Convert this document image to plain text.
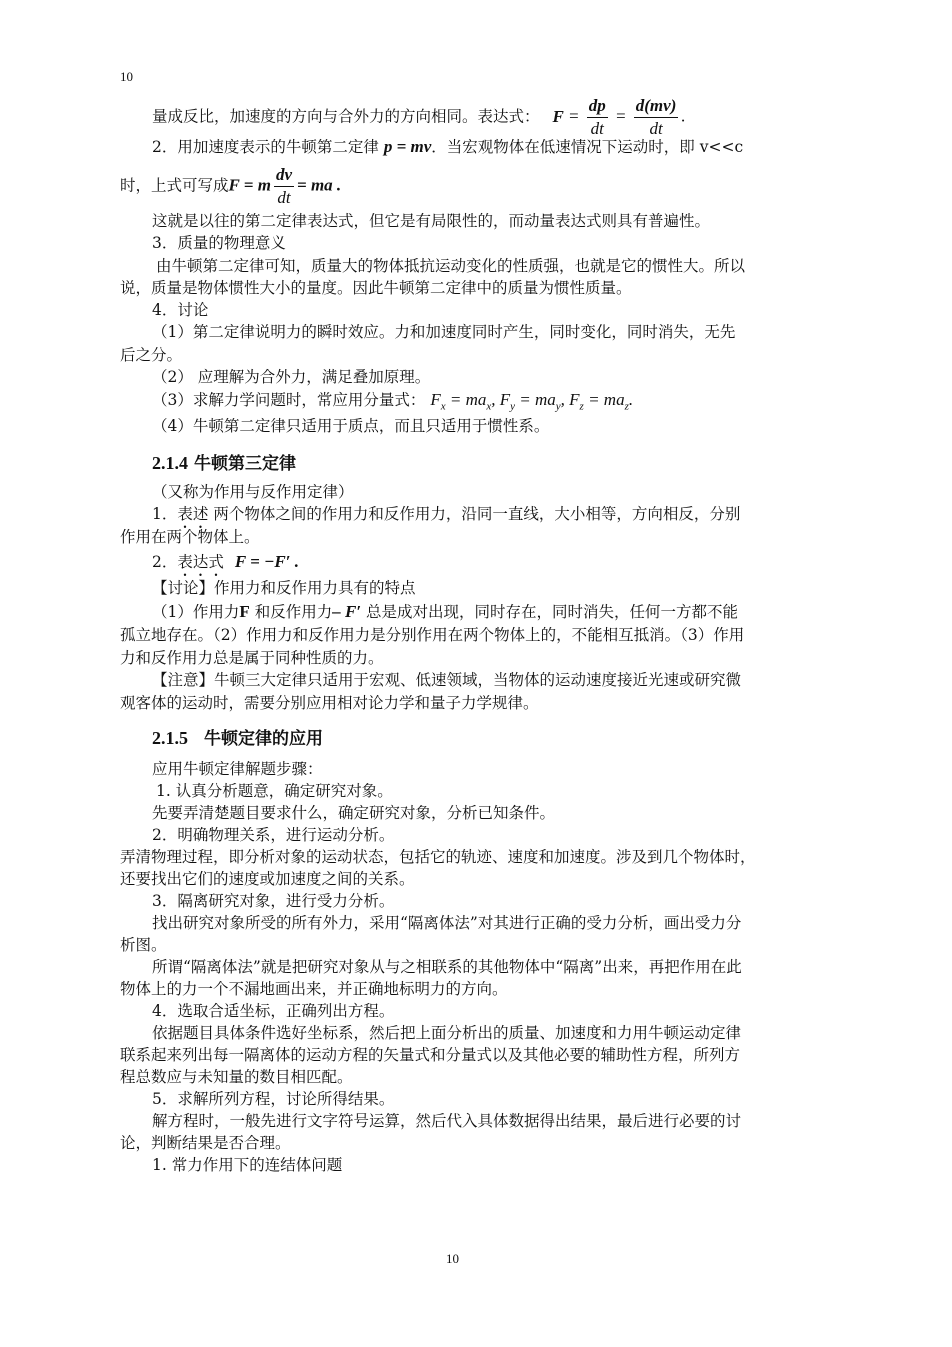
10
量成反比，加速度的方向与合外力的方向相同。表达式： $F = \frac{dp}{dt} = \frac{d(mv)}{dt}$ .
2．用加速度表示的牛顿第二定律 p = mv．当宏观物体在低速情况下运动时，即 v<<c
时，上式可写成F = m $\frac{dv}{dt}$ = ma .
这就是以往的第二定律表达式，但它是有局限性的，而动量表达式则具有普遍性。
3．质量的物理意义
由牛顿第二定律可知，质量大的物体抵抗运动变化的性质强，也就是它的惯性大。所以
说，质量是物体惯性大小的量度。因此牛顿第二定律中的质量为惯性质量。
4．讨论
（1）第二定律说明力的瞬时效应。力和加速度同时产生，同时变化，同时消失，无先
后之分。
（2） 应理解为合外力，满足叠加原理。
（3）求解力学问题时，常应用分量式： $F_x = ma_x$, $F_y = ma_y$, $F_z = ma_z$.
（4）牛顿第二定律只适用于质点，而且只适用于惯性系。
2.1.4 牛顿第三定律
（又称为作用与反作用定律）
1．表述 两个物体之间的作用力和反作用力，沿同一直线，大小相等，方向相反，分别
作用在两个物体上。
2．表达式 F = −F′ .
【讨论】作用力和反作用力具有的特点
（1）作用力F 和反作用力– F′ 总是成对出现，同时存在，同时消失，任何一方都不能
孤立地存在。（2）作用力和反作用力是分别作用在两个物体上的，不能相互抵消。（3）作用
力和反作用力总是属于同种性质的力。
【注意】牛顿三大定律只适用于宏观、低速领域，当物体的运动速度接近光速或研究微
观客体的运动时，需要分别应用相对论力学和量子力学规律。
2.1.5 牛顿定律的应用
应用牛顿定律解题步骤：
1. 认真分析题意，确定研究对象。
先要弄清楚题目要求什么，确定研究对象，分析已知条件。
2．明确物理关系，进行运动分析。
弄清物理过程，即分析对象的运动状态，包括它的轨迹、速度和加速度。涉及到几个物体时，
还要找出它们的速度或加速度之间的关系。
3．隔离研究对象，进行受力分析。
找出研究对象所受的所有外力，采用“隔离体法”对其进行正确的受力分析，画出受力分
析图。
所谓“隔离体法”就是把研究对象从与之相联系的其他物体中“隔离”出来，再把作用在此
物体上的力一个不漏地画出来，并正确地标明力的方向。
4．选取合适坐标，正确列出方程。
依据题目具体条件选好坐标系，然后把上面分析出的质量、加速度和力用牛顿运动定律
联系起来列出每一隔离体的运动方程的矢量式和分量式以及其他必要的辅助性方程，所列方
程总数应与未知量的数目相匹配。
5．求解所列方程，讨论所得结果。
解方程时，一般先进行文字符号运算，然后代入具体数据得出结果，最后进行必要的讨
论，判断结果是否合理。
1. 常力作用下的连结体问题
10
